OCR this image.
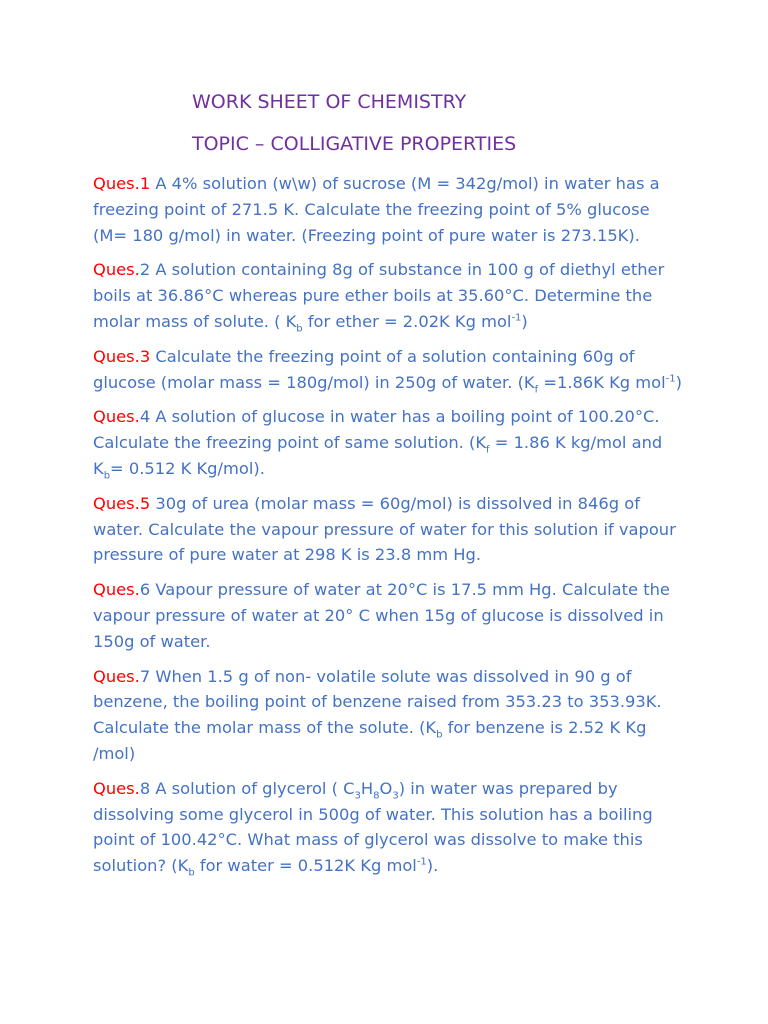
WORK SHEET OF CHEMISTRY
TOPIC – COLLIGATIVE PROPERTIES

Ques.1 A 4% solution (w\w) of sucrose (M = 342g/mol) in water has a freezing point of 271.5 K. Calculate the freezing point of 5% glucose (M= 180 g/mol) in water. (Freezing point of pure water is 273.15K).

Ques.2 A solution containing 8g of substance in 100 g of diethyl ether boils at 36.86°C whereas pure ether boils at 35.60°C. Determine the molar mass of solute. ( $K_b$ for ether = 2.02K Kg mol$^{-1}$)

Ques.3 Calculate the freezing point of a solution containing 60g of glucose (molar mass = 180g/mol) in 250g of water. ($K_f =1.86K$ Kg mol$^{-1}$)

Ques.4 A solution of glucose in water has a boiling point of 100.20°C. Calculate the freezing point of same solution. ($K_f = 1.86$ K kg/mol and $K_b= 0.512$ K Kg/mol).

Ques.5 30g of urea (molar mass = 60g/mol) is dissolved in 846g of water. Calculate the vapour pressure of water for this solution if vapour pressure of pure water at 298 K is 23.8 mm Hg.

Ques.6 Vapour pressure of water at 20°C is 17.5 mm Hg. Calculate the vapour pressure of water at 20° C when 15g of glucose is dissolved in 150g of water.

Ques.7 When 1.5 g of non- volatile solute was dissolved in 90 g of benzene, the boiling point of benzene raised from 353.23 to 353.93K. Calculate the molar mass of the solute. ($K_b$ for benzene is 2.52 K Kg /mol)

Ques.8 A solution of glycerol ( $C_3H_8O_3$) in water was prepared by dissolving some glycerol in 500g of water. This solution has a boiling point of 100.42°C. What mass of glycerol was dissolve to make this solution? ($K_b$ for water = 0.512K Kg mol$^{-1}$).
